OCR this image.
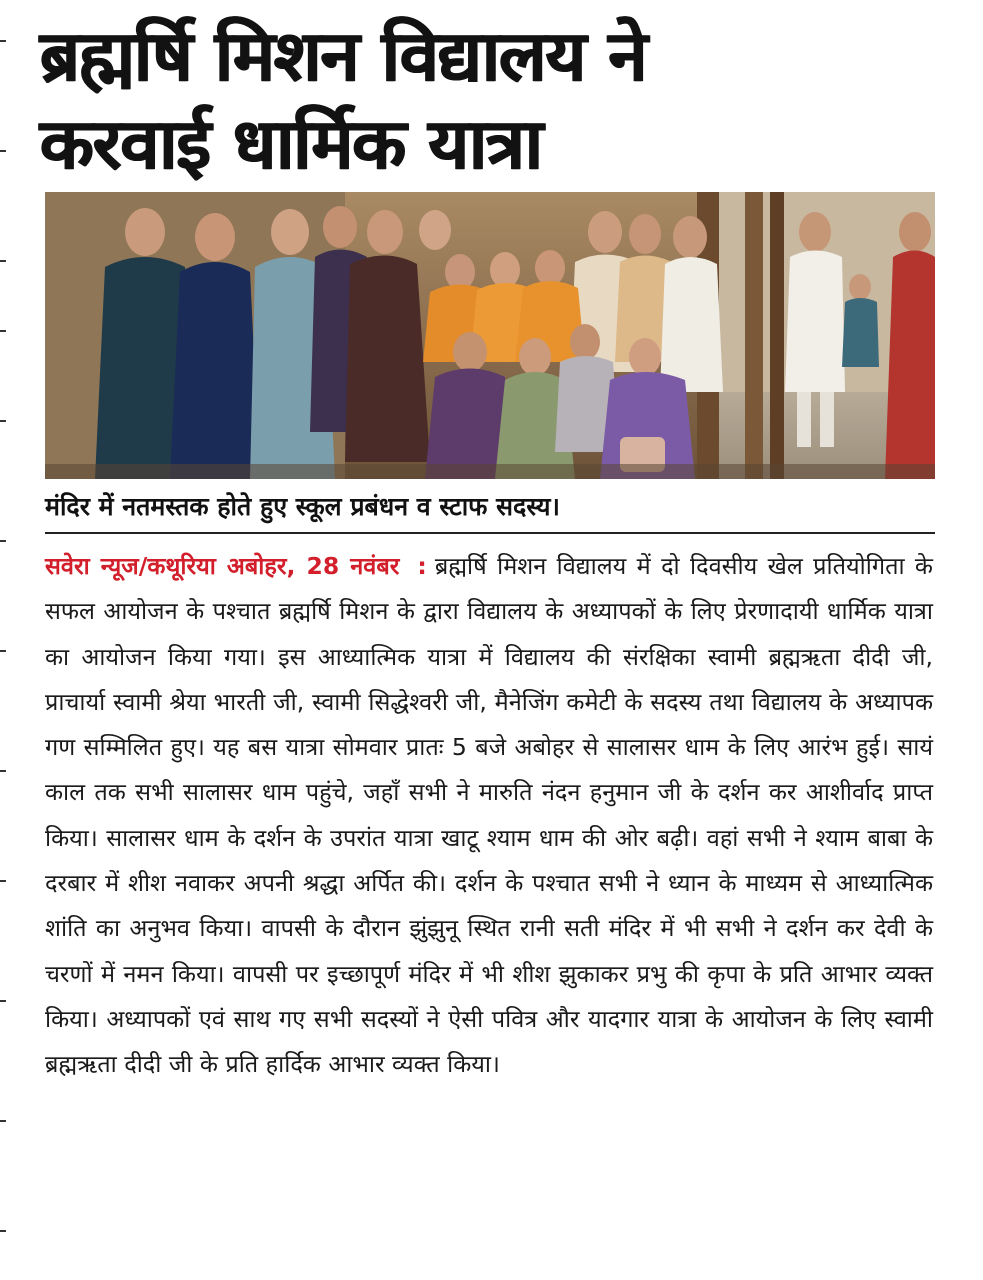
ब्रह्मर्षि मिशन विद्यालय ने
करवाई धार्मिक यात्रा
मंदिर में नतमस्तक होते हुए स्कूल प्रबंधन व स्टाफ सदस्य।

सवेरा न्यूज/कथूरिया अबोहर, 28 नवंबर : ब्रह्मर्षि मिशन विद्यालय में दो दिवसीय खेल प्रतियोगिता के सफल आयोजन के पश्चात ब्रह्मर्षि मिशन के द्वारा विद्यालय के अध्यापकों के लिए प्रेरणादायी धार्मिक यात्रा का आयोजन किया गया। इस आध्यात्मिक यात्रा में विद्यालय की संरक्षिका स्वामी ब्रह्मऋता दीदी जी, प्राचार्या स्वामी श्रेया भारती जी, स्वामी सिद्धेश्वरी जी, मैनेजिंग कमेटी के सदस्य तथा विद्यालय के अध्यापक गण सम्मिलित हुए। यह बस यात्रा सोमवार प्रातः 5 बजे अबोहर से सालासर धाम के लिए आरंभ हुई। सायं काल तक सभी सालासर धाम पहुंचे, जहाँ सभी ने मारुति नंदन हनुमान जी के दर्शन कर आशीर्वाद प्राप्त किया। सालासर धाम के दर्शन के उपरांत यात्रा खाटू श्याम धाम की ओर बढ़ी। वहां सभी ने श्याम बाबा के दरबार में शीश नवाकर अपनी श्रद्धा अर्पित की। दर्शन के पश्चात सभी ने ध्यान के माध्यम से आध्यात्मिक शांति का अनुभव किया। वापसी के दौरान झुंझुनू स्थित रानी सती मंदिर में भी सभी ने दर्शन कर देवी के चरणों में नमन किया। वापसी पर इच्छापूर्ण मंदिर में भी शीश झुकाकर प्रभु की कृपा के प्रति आभार व्यक्त किया। अध्यापकों एवं साथ गए सभी सदस्यों ने ऐसी पवित्र और यादगार यात्रा के आयोजन के लिए स्वामी ब्रह्मऋता दीदी जी के प्रति हार्दिक आभार व्यक्त किया।
